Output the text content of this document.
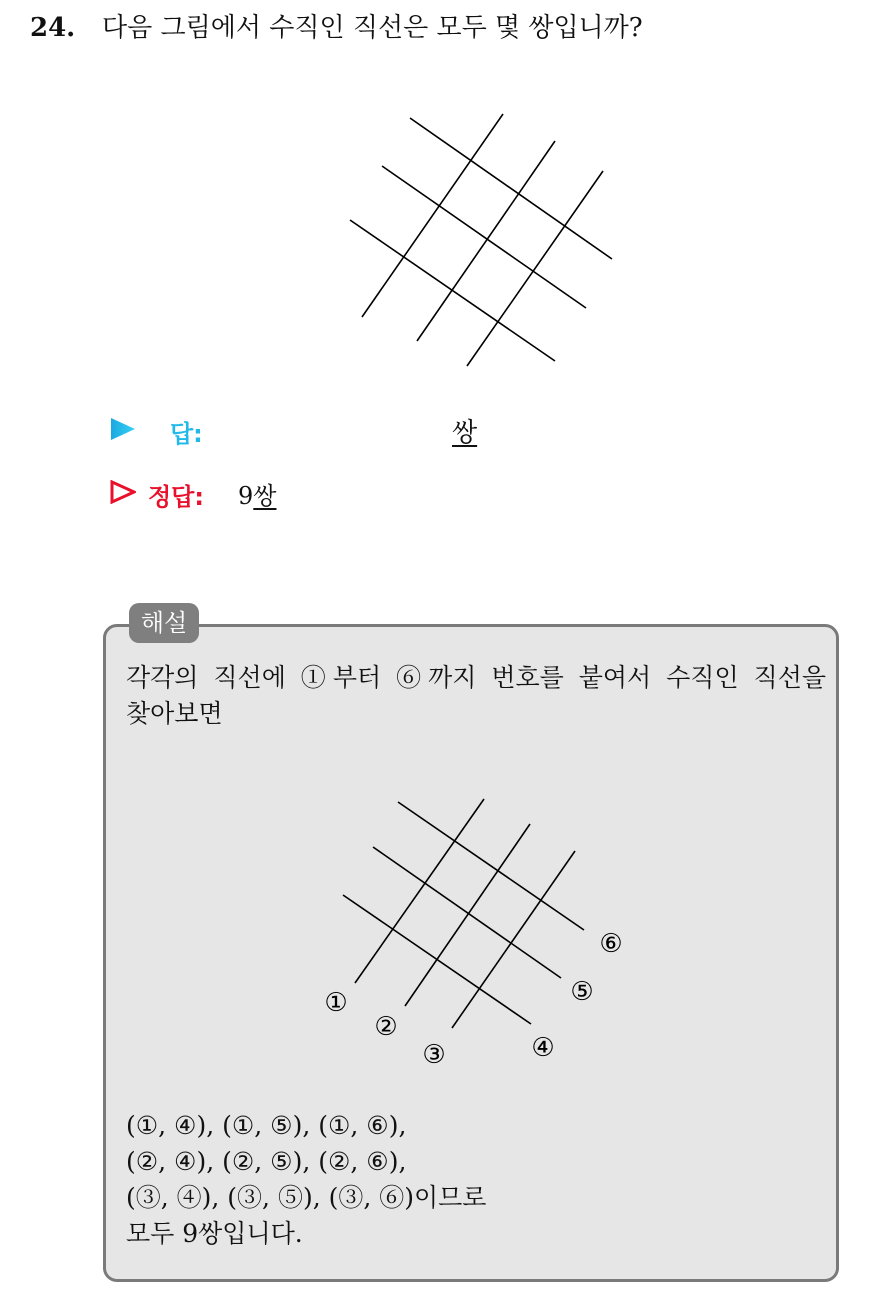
24. 다음 그림에서 수직인 직선은 모두 몇 쌍입니까?
답:	쌍
정답: 9쌍
해설
각각의 직선에 ①부터 ⑥까지 번호를 붙여서 수직인 직선을
찾아보면
①
②
③	④
⑤
⑥
(①, ④), (①, ⑤), (①, ⑥),
(②, ④), (②, ⑤), (②, ⑥),
(③, ④), (③, ⑤), (③, ⑥)이므로
모두 9쌍입니다.
